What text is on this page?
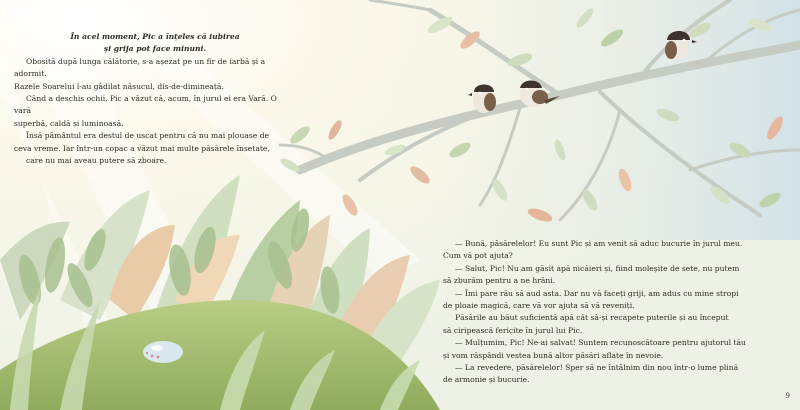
În acel moment, Pic a înțeles că iubirea

și grija pot face minuni.

Obosită după lunga călătorie, s-a așezat pe un fir de iarbă și a adormit.

Razele Soarelui l-au gâdilat năsucul, dis-de-dimineață.

Când a deschis ochii, Pic a văzut că, acum, în jurul ei era Vară. O vară

superbă, caldă și luminoasă.

Însă pământul era destul de uscat pentru că nu mai plouase de

ceva vreme. Iar într-un copac a văzut mai multe păsărele însetate,

care nu mai aveau putere să zboare.

— Bună, păsărelelor! Eu sunt Pic și am venit să aduc bucurie în jurul meu.

Cum vă pot ajuta?

— Salut, Pic! Nu am găsit apă nicăieri și, fiind moleșite de sete, nu putem

să zburăm pentru a ne hrăni.

— Îmi pare rău să aud asta. Dar nu vă faceți griji, am adus cu mine stropi

de ploaie magică, care vă vor ajuta să vă reveniți.

Păsările au băut suficientă apă cât să-și recapete puterile și au început

să ciripească fericite în jurul lui Pic.

— Mulțumim, Pic! Ne-ai salvat! Suntem recunoscătoare pentru ajutorul tău

și vom răspândi vestea bună altor păsări aflate în nevoie.

— La revedere, păsărelelor! Sper să ne întâlnim din nou într-o lume plină

de armonie și bucurie.

9
